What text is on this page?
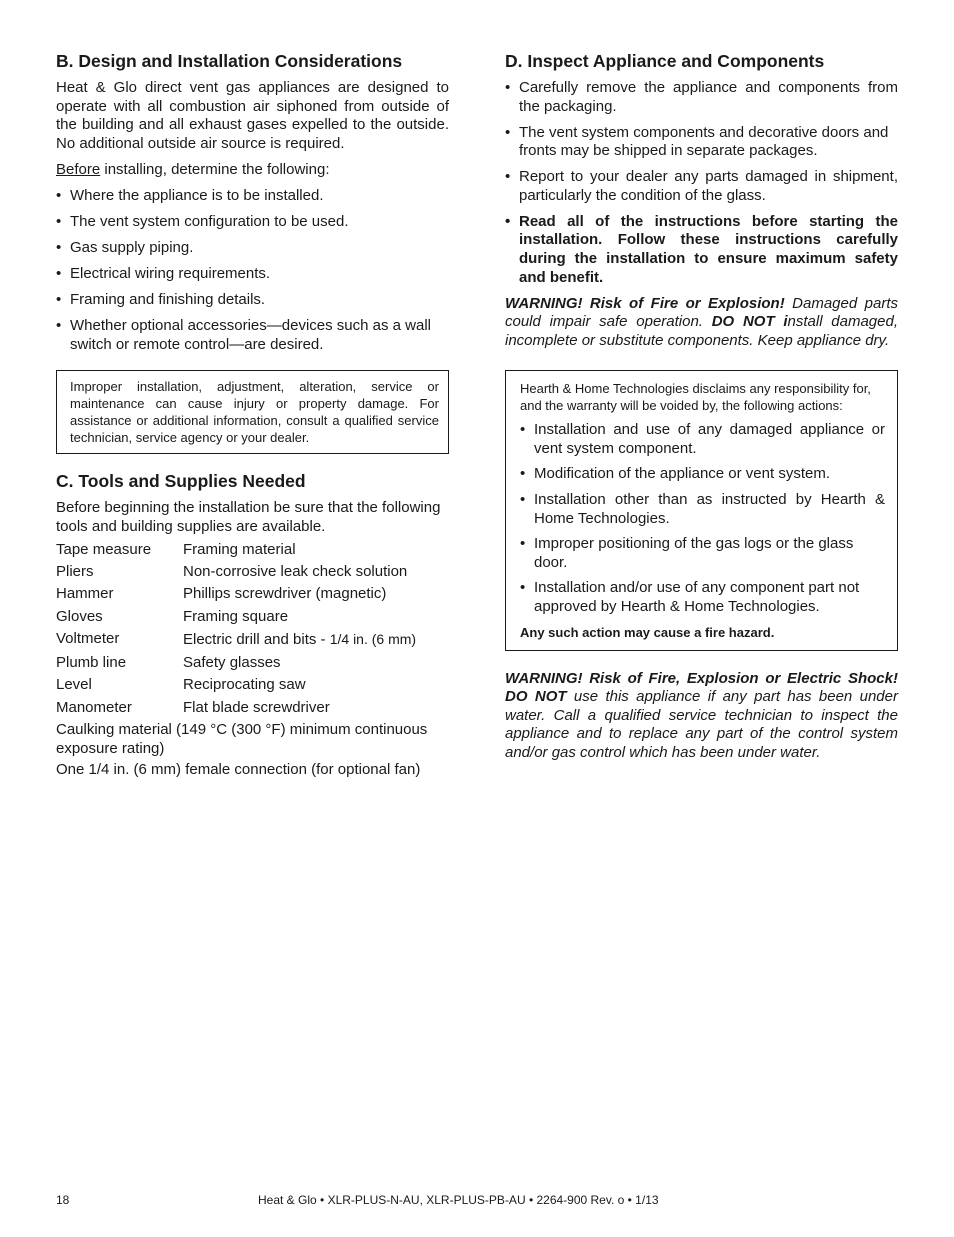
B. Design and Installation Considerations

Heat & Glo direct vent gas appliances are designed to operate with all combustion air siphoned from outside of the building and all exhaust gases expelled to the outside. No additional outside air source is required.

Before installing, determine the following:

• Where the appliance is to be installed.
• The vent system configuration to be used.
• Gas supply piping.
• Electrical wiring requirements.
• Framing and finishing details.
• Whether optional accessories—devices such as a wall switch or remote control—are desired.

Improper installation, adjustment, alteration, service or maintenance can cause injury or property damage. For assistance or additional information, consult a qualified service technician, service agency or your dealer.

C. Tools and Supplies Needed

Before beginning the installation be sure that the following tools and building supplies are available.

Tape measure	Framing material
Pliers	Non-corrosive leak check solution
Hammer	Phillips screwdriver (magnetic)
Gloves	Framing square
Voltmeter	Electric drill and bits - 1/4 in. (6 mm)
Plumb line	Safety glasses
Level	Reciprocating saw
Manometer	Flat blade screwdriver

Caulking material (149 °C (300 °F) minimum continuous exposure rating)

One 1/4 in. (6 mm) female connection (for optional fan)

D. Inspect Appliance and Components
• Carefully remove the appliance and components from the packaging.
• The vent system components and decorative doors and fronts may be shipped in separate packages.
• Report to your dealer any parts damaged in shipment, particularly the condition of the glass.
• Read all of the instructions before starting the installation. Follow these instructions carefully during the installation to ensure maximum safety and benefit.

WARNING! Risk of Fire or Explosion! Damaged parts could impair safe operation. DO NOT install damaged, incomplete or substitute components. Keep appliance dry.

Hearth & Home Technologies disclaims any responsibility for, and the warranty will be voided by, the following actions:

• Installation and use of any damaged appliance or vent system component.
• Modification of the appliance or vent system.
• Installation other than as instructed by Hearth & Home Technologies.
• Improper positioning of the gas logs or the glass door.
• Installation and/or use of any component part not approved by Hearth & Home Technologies.

Any such action may cause a fire hazard.

WARNING! Risk of Fire, Explosion or Electric Shock! DO NOT use this appliance if any part has been under water. Call a qualified service technician to inspect the appliance and to replace any part of the control system and/or gas control which has been under water.

18	Heat & Glo • XLR-PLUS-N-AU, XLR-PLUS-PB-AU • 2264-900 Rev. o • 1/13
